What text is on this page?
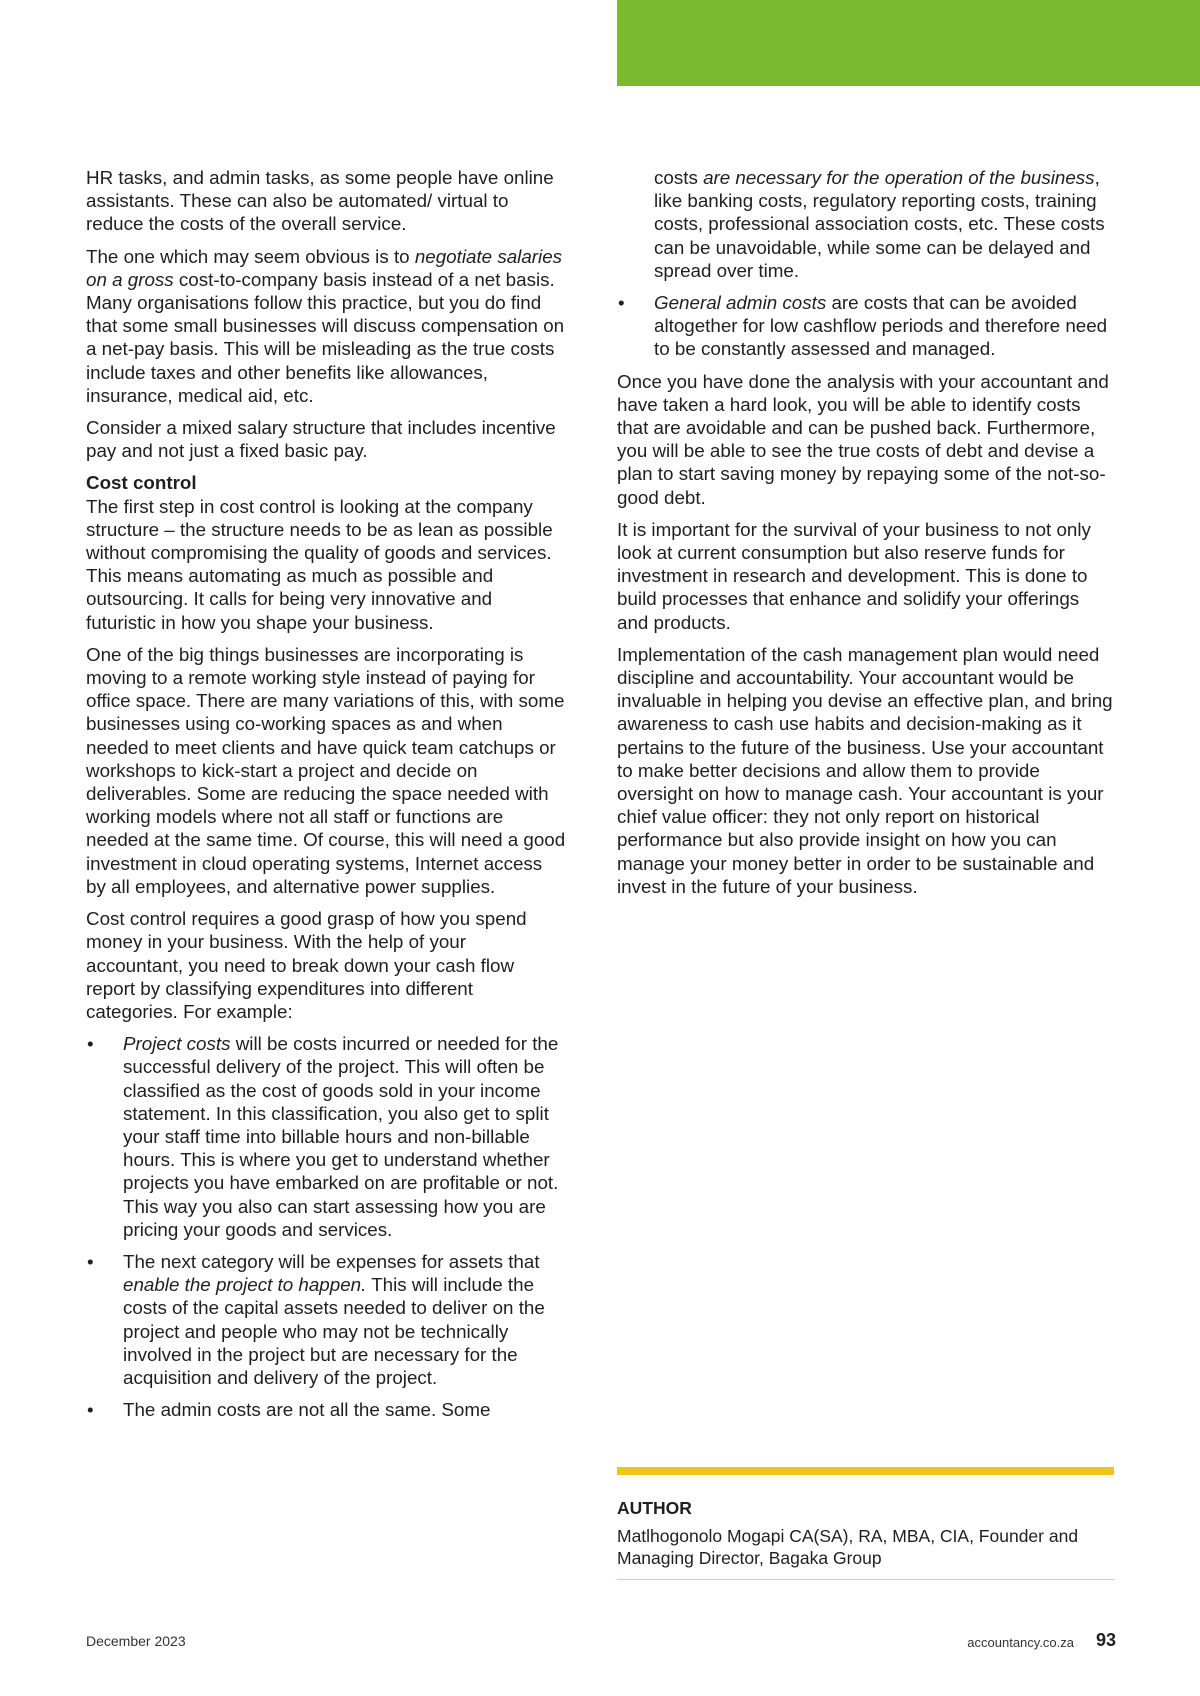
HR tasks, and admin tasks, as some people have online assistants. These can also be automated/ virtual to reduce the costs of the overall service.

The one which may seem obvious is to negotiate salaries on a gross cost-to-company basis instead of a net basis. Many organisations follow this practice, but you do find that some small businesses will discuss compensation on a net-pay basis. This will be misleading as the true costs include taxes and other benefits like allowances, insurance, medical aid, etc.

Consider a mixed salary structure that includes incentive pay and not just a fixed basic pay.

Cost control

The first step in cost control is looking at the company structure – the structure needs to be as lean as possible without compromising the quality of goods and services. This means automating as much as possible and outsourcing. It calls for being very innovative and futuristic in how you shape your business.

One of the big things businesses are incorporating is moving to a remote working style instead of paying for office space. There are many variations of this, with some businesses using co-working spaces as and when needed to meet clients and have quick team catchups or workshops to kick-start a project and decide on deliverables. Some are reducing the space needed with working models where not all staff or functions are needed at the same time. Of course, this will need a good investment in cloud operating systems, Internet access by all employees, and alternative power supplies.

Cost control requires a good grasp of how you spend money in your business. With the help of your accountant, you need to break down your cash flow report by classifying expenditures into different categories. For example:

• Project costs will be costs incurred or needed for the successful delivery of the project. This will often be classified as the cost of goods sold in your income statement. In this classification, you also get to split your staff time into billable hours and non-billable hours. This is where you get to understand whether projects you have embarked on are profitable or not. This way you also can start assessing how you are pricing your goods and services.
• The next category will be expenses for assets that enable the project to happen. This will include the costs of the capital assets needed to deliver on the project and people who may not be technically involved in the project but are necessary for the acquisition and delivery of the project.
• The admin costs are not all the same. Some

costs are necessary for the operation of the business, like banking costs, regulatory reporting costs, training costs, professional association costs, etc. These costs can be unavoidable, while some can be delayed and spread over time.

• General admin costs are costs that can be avoided altogether for low cashflow periods and therefore need to be constantly assessed and managed.

Once you have done the analysis with your accountant and have taken a hard look, you will be able to identify costs that are avoidable and can be pushed back. Furthermore, you will be able to see the true costs of debt and devise a plan to start saving money by repaying some of the not-so-good debt.

It is important for the survival of your business to not only look at current consumption but also reserve funds for investment in research and development. This is done to build processes that enhance and solidify your offerings and products.

Implementation of the cash management plan would need discipline and accountability. Your accountant would be invaluable in helping you devise an effective plan, and bring awareness to cash use habits and decision-making as it pertains to the future of the business. Use your accountant to make better decisions and allow them to provide oversight on how to manage cash. Your accountant is your chief value officer: they not only report on historical performance but also provide insight on how you can manage your money better in order to be sustainable and invest in the future of your business.

AUTHOR
Matlhogonolo Mogapi CA(SA), RA, MBA, CIA, Founder and Managing Director, Bagaka Group
December 2023	accountancy.co.za 93
